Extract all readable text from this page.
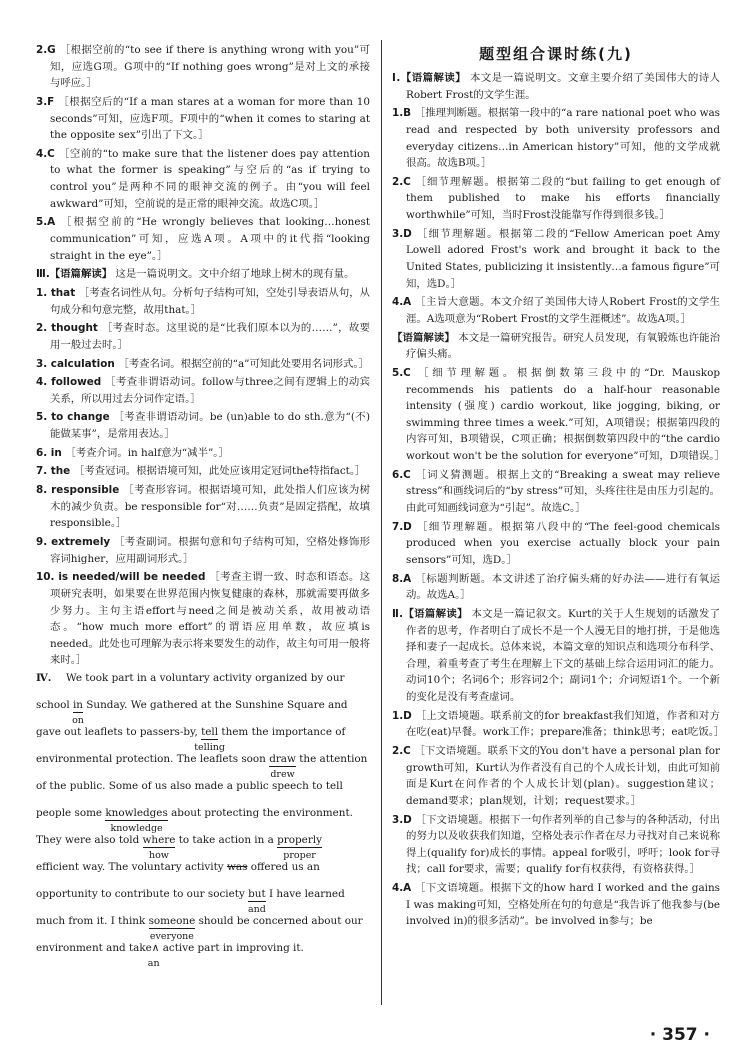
2.G ［根据空前的“to see if there is anything wrong with you”可知，应选G项。G项中的“If nothing goes wrong”是对上文的承接与呼应。］

3.F ［根据空后的“If a man stares at a woman for more than 10 seconds”可知，应选F项。F项中的“when it comes to staring at the opposite sex”引出了下文。］

4.C ［空前的“to make sure that the listener does pay attention to what the former is speaking”与空后的“as if trying to control you”是两种不同的眼神交流的例子。由“you will feel awkward”可知，空前说的是正常的眼神交流。故选C项。］

5.A ［根据空前的“He wrongly believes that looking…honest communication”可知，应选A项。A项中的it代指“looking straight in the eye”。］

Ⅲ.【语篇解读】 这是一篇说明文。文中介绍了地球上树木的现有量。

1. that ［考查名词性从句。分析句子结构可知，空处引导表语从句，从句成分和句意完整，故用that。］

2. thought ［考查时态。这里说的是“比我们原本以为的……”，故要用一般过去时。］

3. calculation ［考查名词。根据空前的“a”可知此处要用名词形式。］

4. followed ［考查非谓语动词。follow与three之间有逻辑上的动宾关系，所以用过去分词作定语。］

5. to change ［考查非谓语动词。be (un)able to do sth.意为“(不)能做某事”，是常用表达。］

6. in ［考查介词。in half意为“减半”。］

7. the ［考查冠词。根据语境可知，此处应该用定冠词the特指fact。］

8. responsible ［考查形容词。根据语境可知，此处指人们应该为树木的减少负责。be responsible for“对……负责”是固定搭配，故填responsible。］

9. extremely ［考查副词。根据句意和句子结构可知，空格处修饰形容词higher，应用副词形式。］

10. is needed/will be needed ［考查主谓一致、时态和语态。这项研究表明，如果要在世界范围内恢复健康的森林，那就需要再做多少努力。主句主语effort与need之间是被动关系，故用被动语态。“how much more effort”的谓语应用单数，故应填is needed。此处也可理解为表示将来要发生的动作，故主句可用一般将来时。］

Ⅳ. We took part in a voluntary activity organized by our
school in
on
Sunday. We gathered at the Sunshine Square and
gave out leaflets to passers-by, tell
telling
them the importance of
environmental protection. The leaflets soon draw
drew
the attention
of the public. Some of us also made a public speech to tell
people some knowledges
knowledge
about protecting the environment.
They were also told where
how
to take action in a properly
proper
efficient way. The voluntary activity was offered us an
opportunity to contribute to our society but
and
I have learned
much from it. I think someone
everyone
should be concerned about our
environment and take∧
an
active part in improving it.
题型组合课时练(九)

Ⅰ.【语篇解读】 本文是一篇说明文。文章主要介绍了美国伟大的诗人Robert Frost的文学生涯。

1.B ［推理判断题。根据第一段中的“a rare national poet who was read and respected by both university professors and everyday citizens…in American history”可知，他的文学成就很高。故选B项。］

2.C ［细节理解题。根据第二段的“but failing to get enough of them published to make his efforts financially worthwhile”可知，当时Frost没能靠写作得到很多钱。］

3.D ［细节理解题。根据第二段的“Fellow American poet Amy Lowell adored Frost's work and brought it back to the United States, publicizing it insistently…a famous figure”可知，选D。］

4.A ［主旨大意题。本文介绍了美国伟大诗人Robert Frost的文学生涯。A选项意为“Robert Frost的文学生涯概述”。故选A项。］

【语篇解读】 本文是一篇研究报告。研究人员发现，有氧锻炼也许能治疗偏头痛。

5.C ［细节理解题。根据倒数第三段中的“Dr. Mauskop recommends his patients do a half-hour reasonable intensity (强度) cardio workout, like jogging, biking, or swimming three times a week.”可知，A项错误；根据第四段的内容可知，B项错误，C项正确；根据倒数第四段中的“the cardio workout won't be the solution for everyone”可知，D项错误。］

6.C ［词义猜测题。根据上文的“Breaking a sweat may relieve stress”和画线词后的“by stress”可知，头疼往往是由压力引起的。由此可知画线词意为“引起”。故选C。］

7.D ［细节理解题。根据第八段中的“The feel-good chemicals produced when you exercise actually block your pain sensors”可知，选D。］

8.A ［标题判断题。本文讲述了治疗偏头痛的好办法——进行有氧运动。故选A。］

Ⅱ.【语篇解读】 本文是一篇记叙文。Kurt的关于人生规划的话激发了作者的思考，作者明白了成长不是一个人漫无目的地打拼，于是他选择和妻子一起成长。总体来说，本篇文章的知识点和选项分布科学、合理，着重考查了考生在理解上下文的基础上综合运用词汇的能力。动词10个；名词6个；形容词2个；副词1个；介词短语1个。一个新的变化是没有考查虚词。

1.D ［上文语境题。联系前文的for breakfast我们知道，作者和对方在吃(eat)早餐。work工作；prepare准备；think思考；eat吃饭。］

2.C ［下文语境题。联系下文的You don't have a personal plan for growth可知，Kurt认为作者没有自己的个人成长计划，由此可知前面是Kurt在问作者的个人成长计划(plan)。suggestion建议；demand要求；plan规划，计划；request要求。］

3.D ［下文语境题。根据下一句作者列举的自己参与的各种活动，付出的努力以及收获我们知道，空格处表示作者在尽力寻找对自己来说称得上(qualify for)成长的事情。appeal for吸引，呼吁；look for寻找；call for要求，需要；qualify for有权获得，有资格获得。］

4.A ［下文语境题。根据下文的how hard I worked and the gains I was making可知，空格处所在句的句意是“我告诉了他我参与(be involved in)的很多活动”。be involved in参与；be

· 357 ·
